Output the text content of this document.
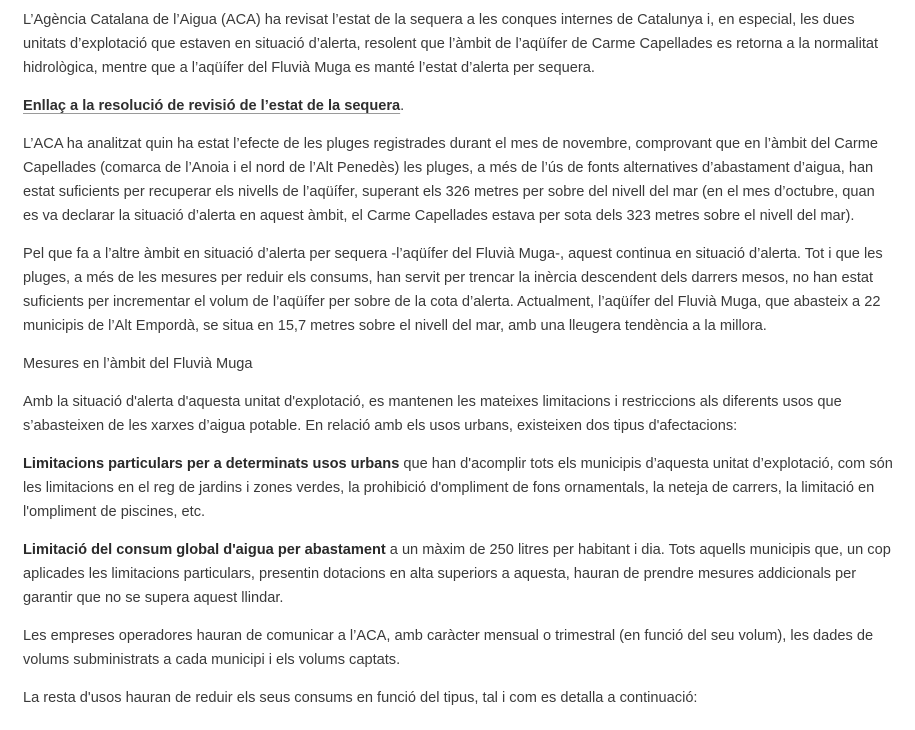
L’Agència Catalana de l’Aigua (ACA) ha revisat l’estat de la sequera a les conques internes de Catalunya i, en especial, les dues unitats d’explotació que estaven en situació d’alerta, resolent que l’àmbit de l’aqüífer de Carme Capellades es retorna a la normalitat hidrològica, mentre que a l’aqüífer del Fluvià Muga es manté l’estat d’alerta per sequera.

Enllaç a la resolució de revisió de l’estat de la sequera.

L’ACA ha analitzat quin ha estat l’efecte de les pluges registrades durant el mes de novembre, comprovant que en l’àmbit del Carme Capellades (comarca de l’Anoia i el nord de l’Alt Penedès) les pluges, a més de l’ús de fonts alternatives d’abastament d’aigua, han estat suficients per recuperar els nivells de l’aqüífer, superant els 326 metres per sobre del nivell del mar (en el mes d’octubre, quan es va declarar la situació d’alerta en aquest àmbit, el Carme Capellades estava per sota dels 323 metres sobre el nivell del mar).

Pel que fa a l’altre àmbit en situació d’alerta per sequera -l’aqüífer del Fluvià Muga-, aquest continua en situació d’alerta. Tot i que les pluges, a més de les mesures per reduir els consums, han servit per trencar la inèrcia descendent dels darrers mesos, no han estat suficients per incrementar el volum de l’aqüífer per sobre de la cota d’alerta. Actualment, l’aqüífer del Fluvià Muga, que abasteix a 22 municipis de l’Alt Empordà, se situa en 15,7 metres sobre el nivell del mar, amb una lleugera tendència a la millora.

Mesures en l’àmbit del Fluvià Muga

Amb la situació d'alerta d'aquesta unitat d'explotació, es mantenen les mateixes limitacions i restriccions als diferents usos que s’abasteixen de les xarxes d’aigua potable. En relació amb els usos urbans, existeixen dos tipus d'afectacions:

Limitacions particulars per a determinats usos urbans que han d'acomplir tots els municipis d’aquesta unitat d’explotació, com són les limitacions en el reg de jardins i zones verdes, la prohibició d'ompliment de fons ornamentals, la neteja de carrers, la limitació en l'ompliment de piscines, etc.

Limitació del consum global d'aigua per abastament a un màxim de 250 litres per habitant i dia. Tots aquells municipis que, un cop aplicades les limitacions particulars, presentin dotacions en alta superiors a aquesta, hauran de prendre mesures addicionals per garantir que no se supera aquest llindar.

Les empreses operadores hauran de comunicar a l’ACA, amb caràcter mensual o trimestral (en funció del seu volum), les dades de volums subministrats a cada municipi i els volums captats.

La resta d'usos hauran de reduir els seus consums en funció del tipus, tal i com es detalla a continuació:
